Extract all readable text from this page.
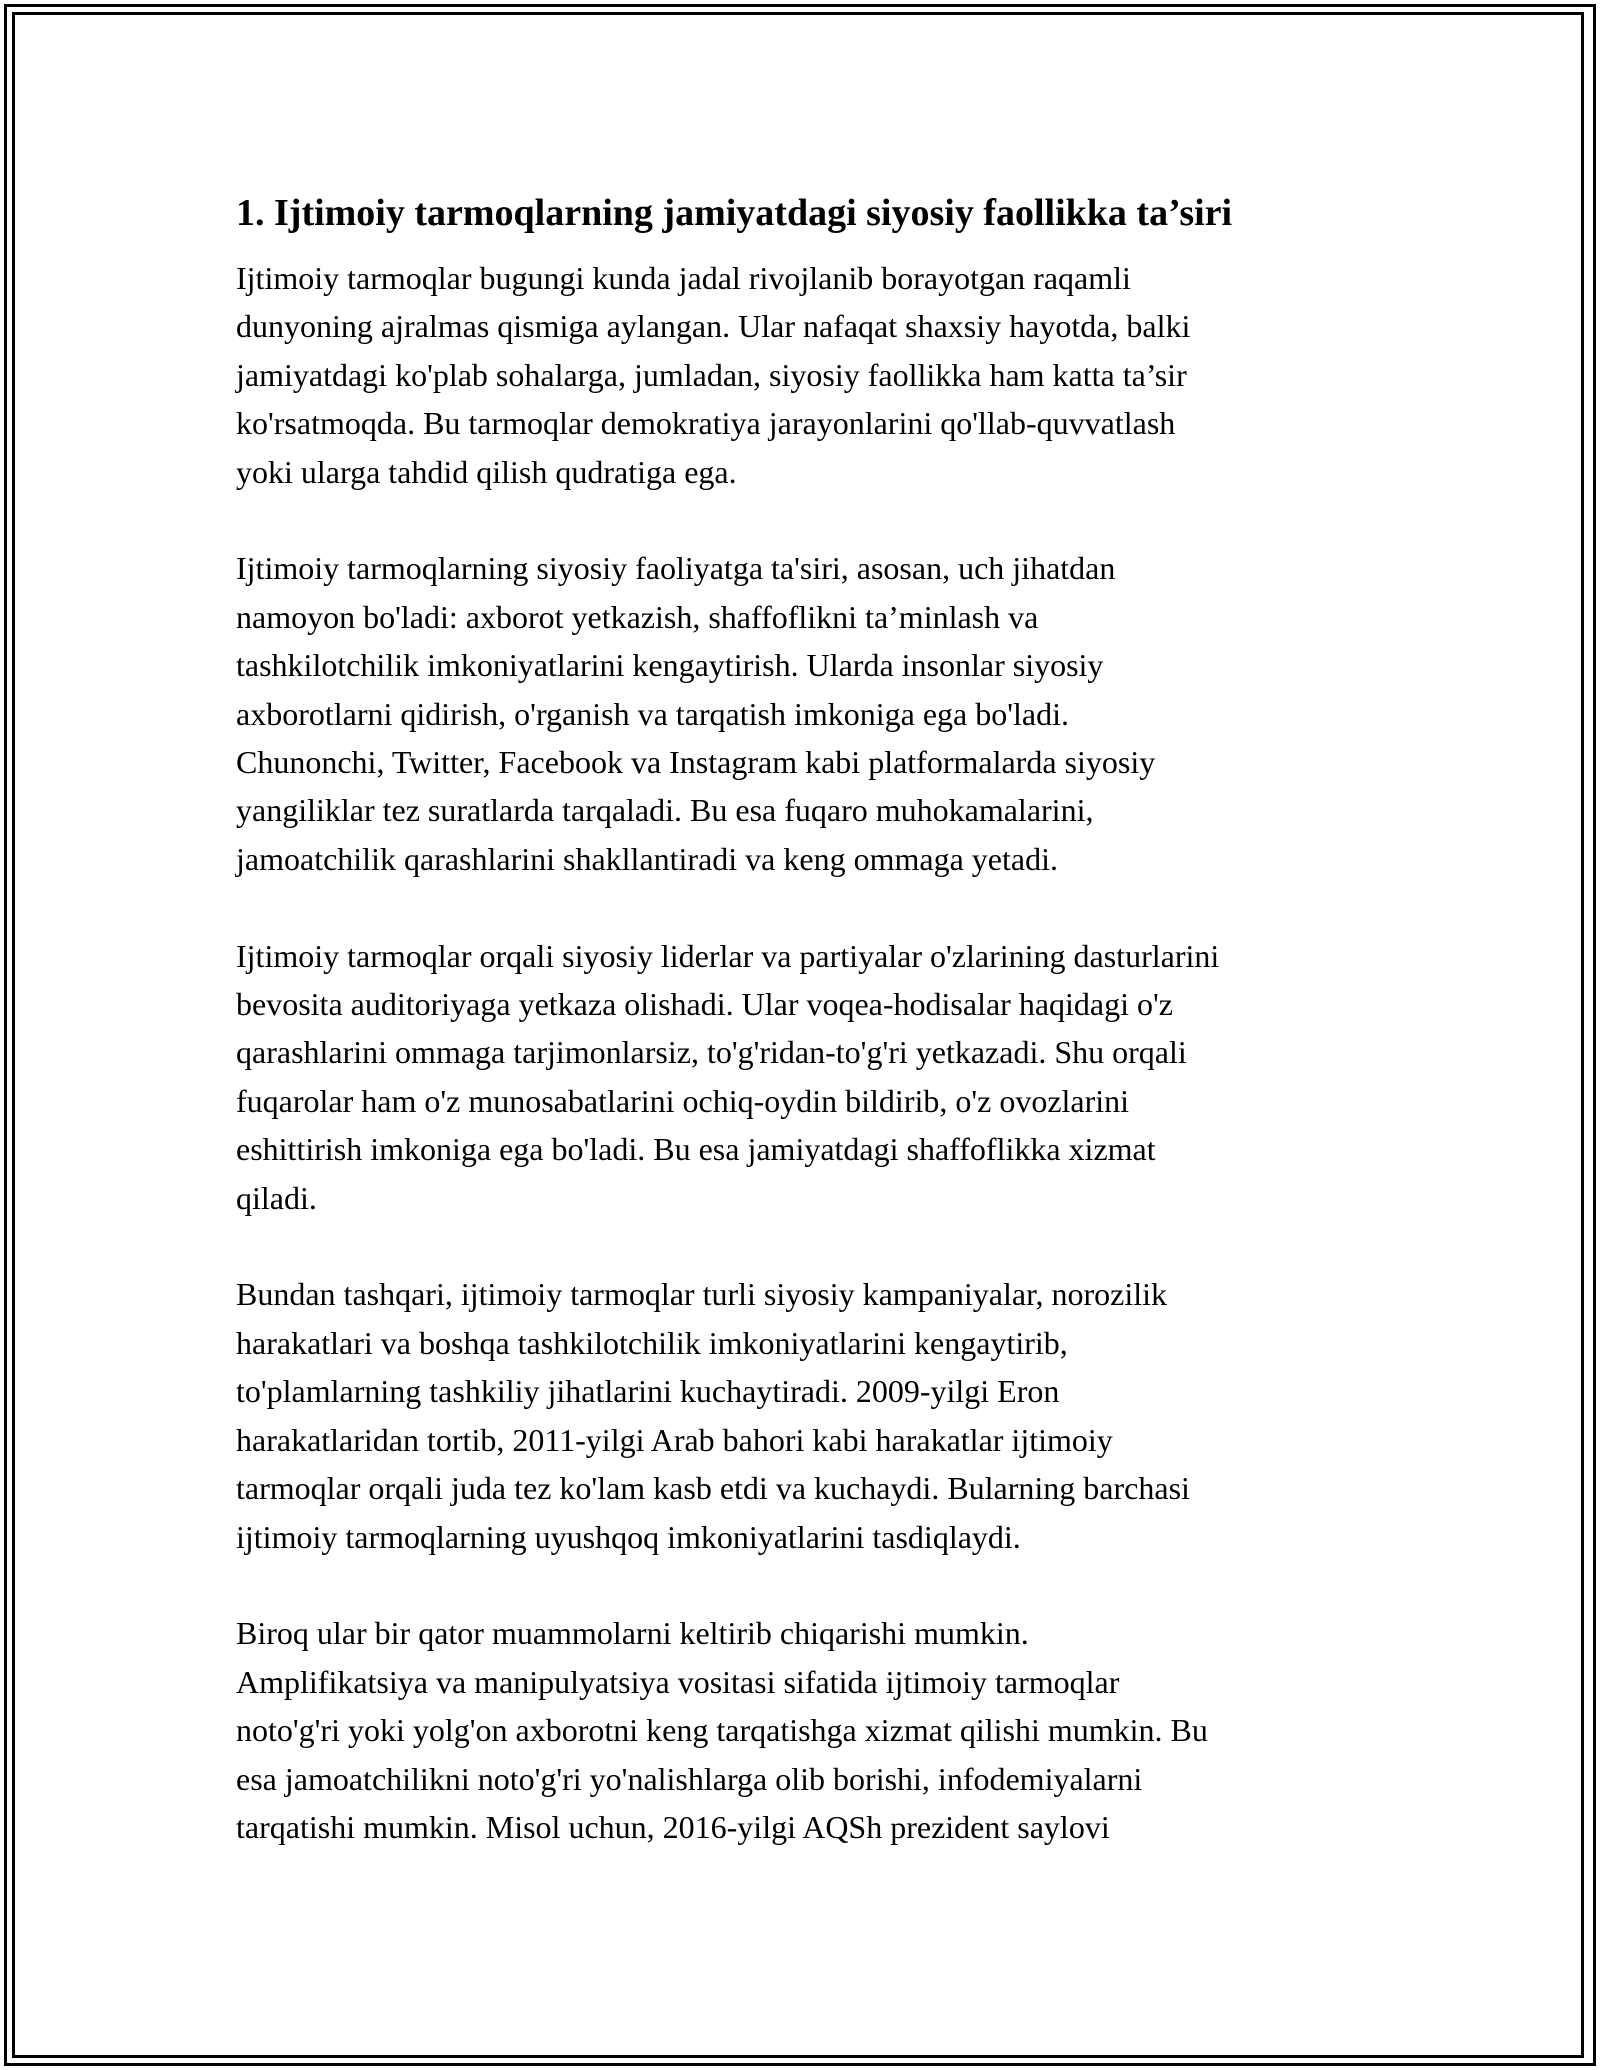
1. Ijtimoiy tarmoqlarning jamiyatdagi siyosiy faollikka ta’siri

Ijtimoiy tarmoqlar bugungi kunda jadal rivojlanib borayotgan raqamli
dunyoning ajralmas qismiga aylangan. Ular nafaqat shaxsiy hayotda, balki
jamiyatdagi ko'plab sohalarga, jumladan, siyosiy faollikka ham katta ta’sir
ko'rsatmoqda. Bu tarmoqlar demokratiya jarayonlarini qo'llab-quvvatlash
yoki ularga tahdid qilish qudratiga ega.

Ijtimoiy tarmoqlarning siyosiy faoliyatga ta'siri, asosan, uch jihatdan
namoyon bo'ladi: axborot yetkazish, shaffoflikni ta’minlash va
tashkilotchilik imkoniyatlarini kengaytirish. Ularda insonlar siyosiy
axborotlarni qidirish, o'rganish va tarqatish imkoniga ega bo'ladi.
Chunonchi, Twitter, Facebook va Instagram kabi platformalarda siyosiy
yangiliklar tez suratlarda tarqaladi. Bu esa fuqaro muhokamalarini,
jamoatchilik qarashlarini shakllantiradi va keng ommaga yetadi.

Ijtimoiy tarmoqlar orqali siyosiy liderlar va partiyalar o'zlarining dasturlarini
bevosita auditoriyaga yetkaza olishadi. Ular voqea-hodisalar haqidagi o'z
qarashlarini ommaga tarjimonlarsiz, to'g'ridan-to'g'ri yetkazadi. Shu orqali
fuqarolar ham o'z munosabatlarini ochiq-oydin bildirib, o'z ovozlarini
eshittirish imkoniga ega bo'ladi. Bu esa jamiyatdagi shaffoflikka xizmat
qiladi.

Bundan tashqari, ijtimoiy tarmoqlar turli siyosiy kampaniyalar, norozilik
harakatlari va boshqa tashkilotchilik imkoniyatlarini kengaytirib,
to'plamlarning tashkiliy jihatlarini kuchaytiradi. 2009-yilgi Eron
harakatlaridan tortib, 2011-yilgi Arab bahori kabi harakatlar ijtimoiy
tarmoqlar orqali juda tez ko'lam kasb etdi va kuchaydi. Bularning barchasi
ijtimoiy tarmoqlarning uyushqoq imkoniyatlarini tasdiqlaydi.

Biroq ular bir qator muammolarni keltirib chiqarishi mumkin.
Amplifikatsiya va manipulyatsiya vositasi sifatida ijtimoiy tarmoqlar
noto'g'ri yoki yolg'on axborotni keng tarqatishga xizmat qilishi mumkin. Bu
esa jamoatchilikni noto'g'ri yo'nalishlarga olib borishi, infodemiyalarni
tarqatishi mumkin. Misol uchun, 2016-yilgi AQSh prezident saylovi
